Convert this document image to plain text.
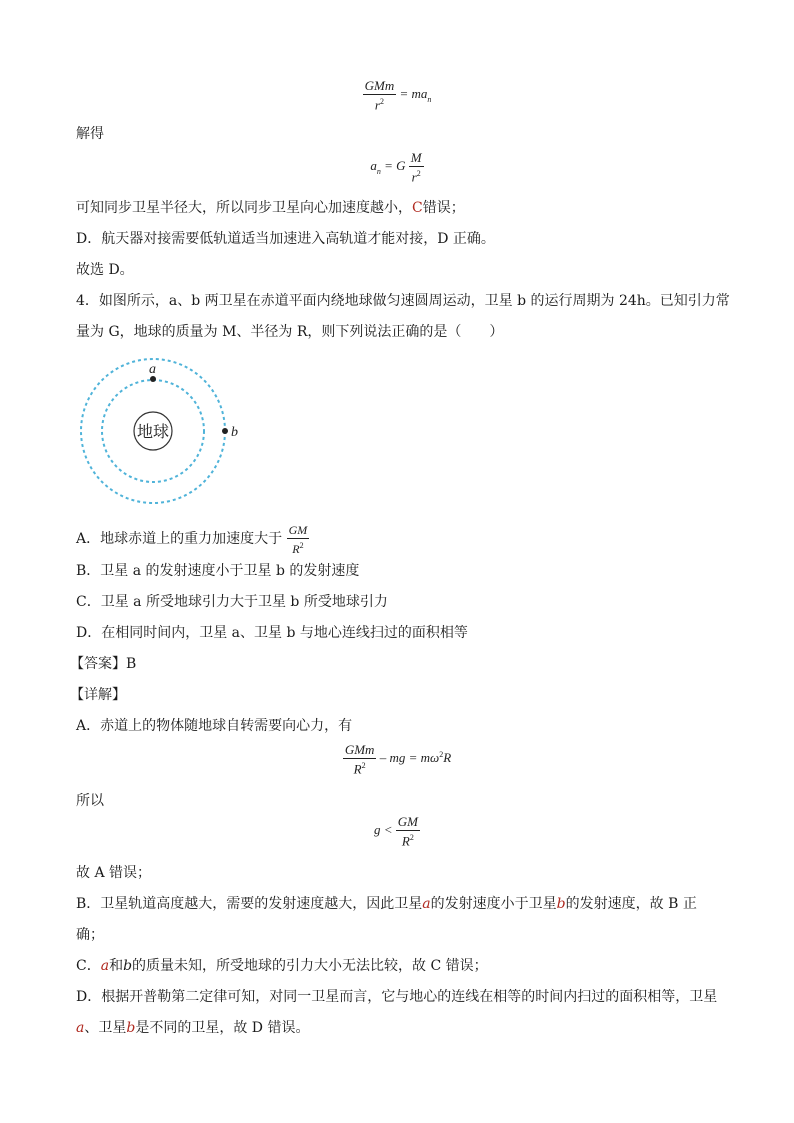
$\frac{\text{GMm}}{r^2} = ma_n$
解得
$a_n = G \frac{M}{r^2}$
可知同步卫星半径大，所以同步卫星向心加速度越小，C错误；
D．航天器对接需要低轨道适当加速进入高轨道才能对接，D 正确。
故选 D。
4．如图所示，a、b 两卫星在赤道平面内绕地球做匀速圆周运动，卫星 b 的运行周期为 24h。已知引力常
量为 G，地球的质量为 M、半径为 R，则下列说法正确的是（　　）
地球
a
b
A．地球赤道上的重力加速度大于 $\frac{GM}{R^2}$
B．卫星 a 的发射速度小于卫星 b 的发射速度
C．卫星 a 所受地球引力大于卫星 b 所受地球引力
D．在相同时间内，卫星 a、卫星 b 与地心连线扫过的面积相等
【答案】B
【详解】
A．赤道上的物体随地球自转需要向心力，有
$\frac{\text{GMm}}{R^2}$ – mg = $m\omega^2R$
所以
$g < \frac{GM}{R^2}$
故 A 错误；
B．卫星轨道高度越大，需要的发射速度越大，因此卫星a的发射速度小于卫星b的发射速度，故 B 正
确；
C．a和b的质量未知，所受地球的引力大小无法比较，故 C 错误；
D．根据开普勒第二定律可知，对同一卫星而言，它与地心的连线在相等的时间内扫过的面积相等，卫星
a、卫星b是不同的卫星，故 D 错误。
